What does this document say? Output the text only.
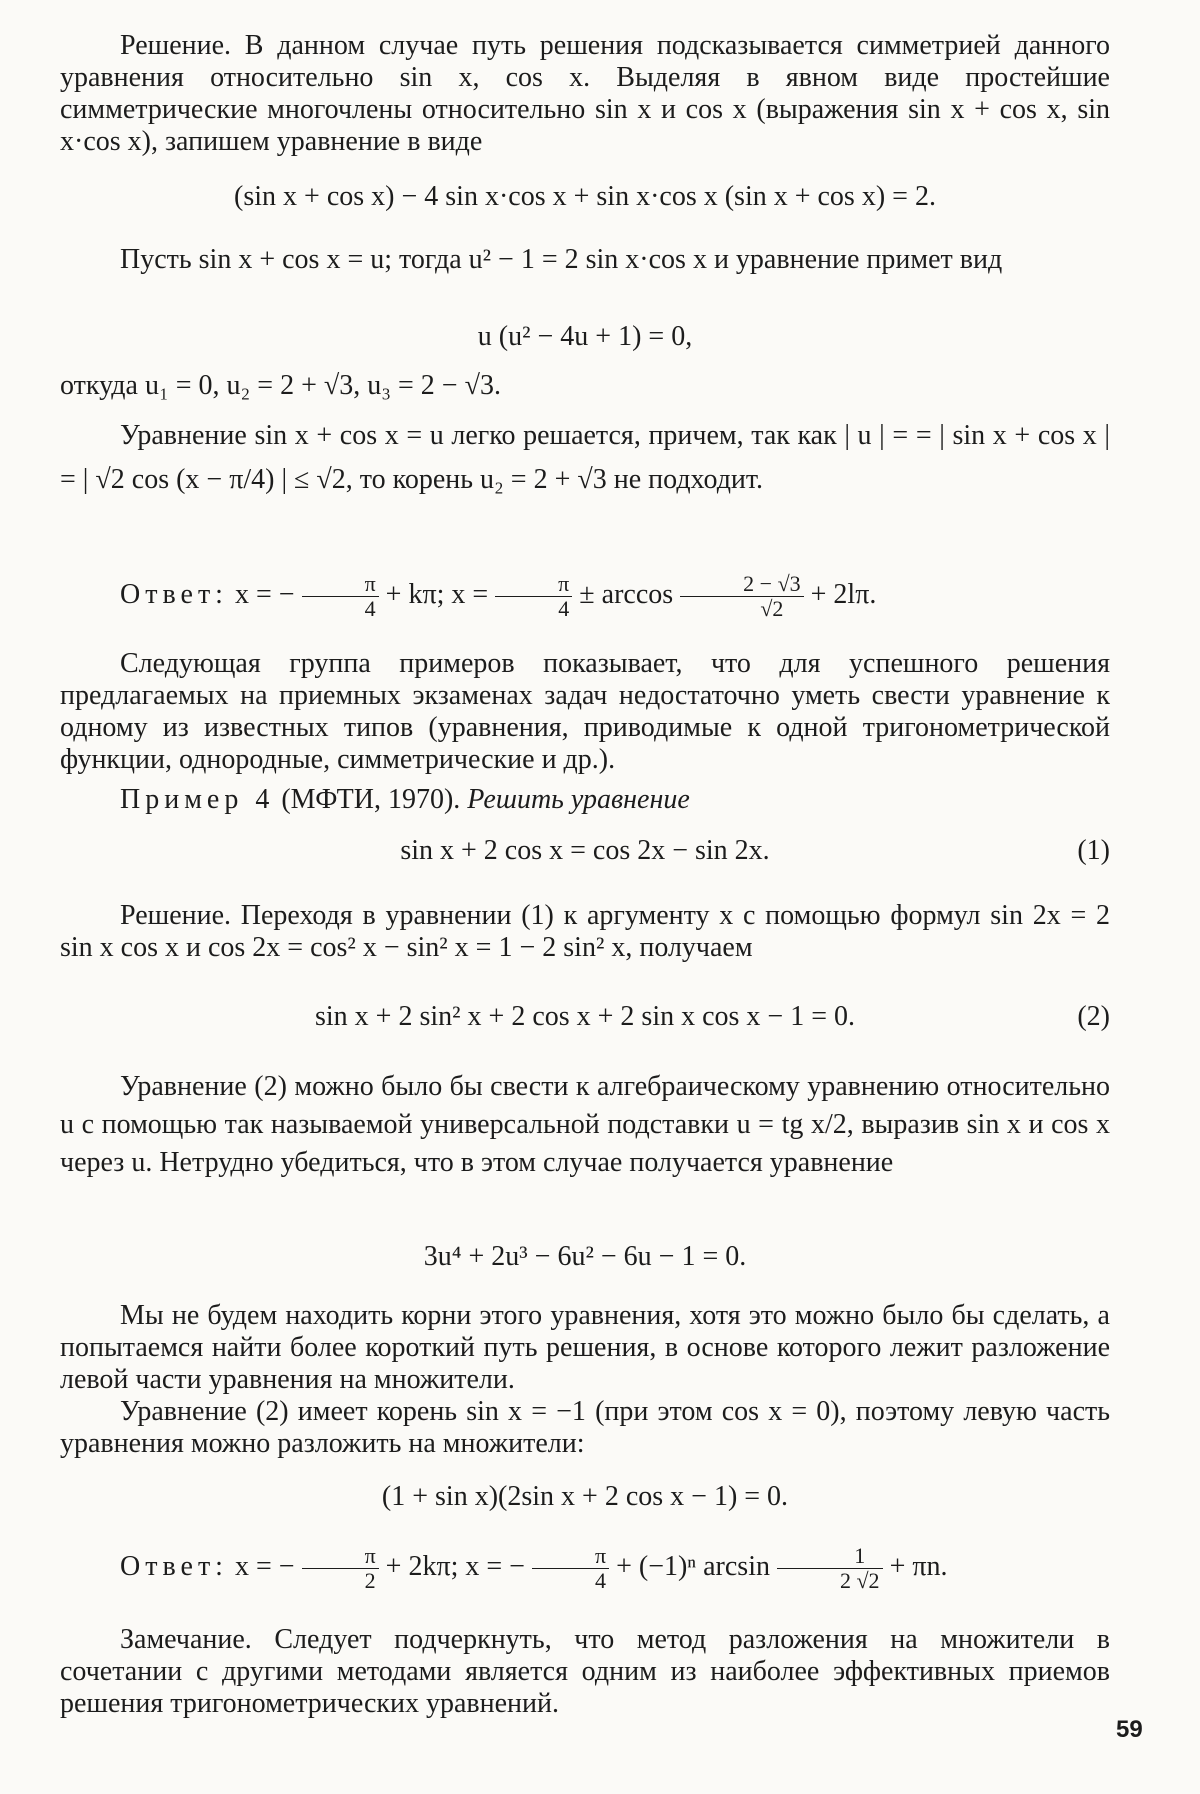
Решение. В данном случае путь решения подсказывается симметрией данного уравнения относительно sin x, cos x. Выделяя в явном виде простейшие симметрические многочлены относительно sin x и cos x (выражения sin x + cos x, sin x·cos x), запишем уравнение в виде

(sin x + cos x) − 4 sin x·cos x + sin x·cos x (sin x + cos x) = 2.

Пусть sin x + cos x = u; тогда u² − 1 = 2 sin x·cos x и уравнение примет вид

u (u² − 4u + 1) = 0,

откуда u₁ = 0, u₂ = 2 + √3, u₃ = 2 − √3.

Уравнение sin x + cos x = u легко решается, причем, так как | u | = = | sin x + cos x | = | √2 cos (x − π/4) | ≤ √2, то корень u₂ = 2 + √3 не подходит.

Ответ: x = − $\frac{\pi}{4} + k\pi$; $x = \frac{\pi}{4} \pm \arccos \frac{2 - √3}{√2} + 2l\pi$.

Следующая группа примеров показывает, что для успешного решения предлагаемых на приемных экзаменах задач недостаточно уметь свести уравнение к одному из известных типов (уравнения, приводимые к одной тригонометрической функции, однородные, симметрические и др.).

Пример 4 (МФТИ, 1970). Решить уравнение
sin x + 2 cos x = cos 2x − sin 2x.	(1)

Решение. Переходя в уравнении (1) к аргументу x с помощью формул sin 2x = 2 sin x cos x и cos 2x = cos² x − sin² x = 1 − 2 sin² x, получаем

sin x + 2 sin² x + 2 cos x + 2 sin x cos x − 1 = 0.	(2)

Уравнение (2) можно было бы свести к алгебраическому уравнению относительно u с помощью так называемой универсальной подставки u = tg x/2, выразив sin x и cos x через u. Нетрудно убедиться, что в этом случае получается уравнение

3u⁴ + 2u³ − 6u² − 6u − 1 = 0.

Мы не будем находить корни этого уравнения, хотя это можно было бы сделать, а попытаемся найти более короткий путь решения, в основе которого лежит разложение левой части уравнения на множители.

Уравнение (2) имеет корень sin x = −1 (при этом cos x = 0), поэтому левую часть уравнения можно разложить на множители:

(1 + sin x)(2sin x + 2 cos x − 1) = 0.

Ответ: x = − $\frac{\pi}{2} + 2k\pi$; x = − $\frac{\pi}{4} + (-1)^n$ $\arcsin \frac{1}{2 √2} + \pi n$.

Замечание. Следует подчеркнуть, что метод разложения на множители в сочетании с другими методами является одним из наиболее эффективных приемов решения тригонометрических уравнений.

59
